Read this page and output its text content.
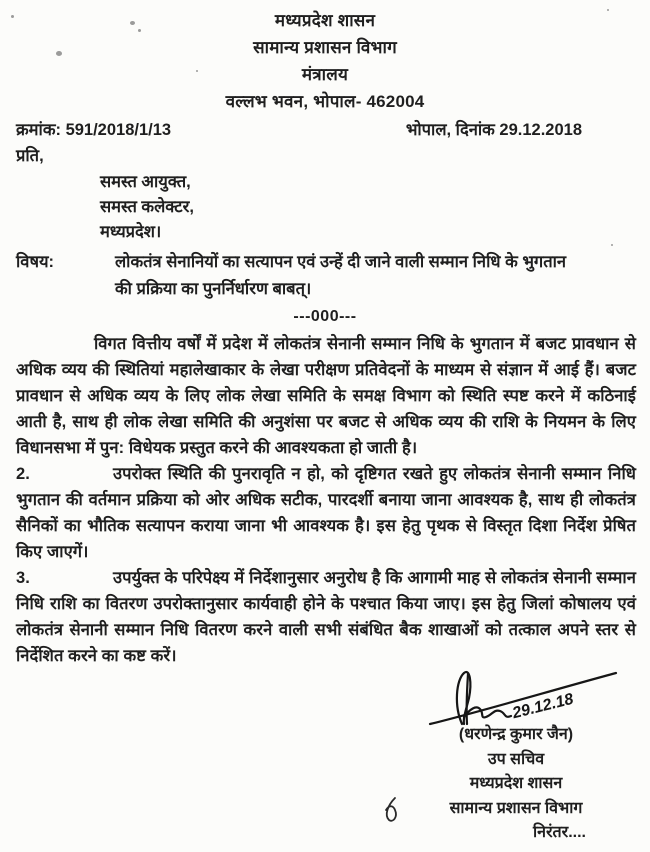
मध्यप्रदेश शासन
सामान्य प्रशासन विभाग
मंत्रालय
वल्लभ भवन, भोपाल- 462004
क्रमांक: 591/2018/1/13	भोपाल, दिनांक 29.12.2018
प्रति,
समस्त आयुक्त,
समस्त कलेक्टर,
मध्यप्रदेश।
विषय:	लोकतंत्र सेनानियों का सत्यापन एवं उन्हें दी जाने वाली सम्मान निधि के भुगतान की प्रक्रिया का पुनर्निर्धारण बाबत्।
---000---
विगत वित्तीय वर्षों में प्रदेश में लोकतंत्र सेनानी सम्मान निधि के भुगतान में बजट प्रावधान से अधिक व्यय की स्थितियां महालेखाकार के लेखा परीक्षण प्रतिवेदनों के माध्यम से संज्ञान में आई हैं। बजट प्रावधान से अधिक व्यय के लिए लोक लेखा समिति के समक्ष विभाग को स्थिति स्पष्ट करने में कठिनाई आती है, साथ ही लोक लेखा समिति की अनुशंसा पर बजट से अधिक व्यय की राशि के नियमन के लिए विधानसभा में पुन: विधेयक प्रस्तुत करने की आवश्यकता हो जाती है।
2.	उपरोक्त स्थिति की पुनरावृति न हो, को दृष्टिगत रखते हुए लोकतंत्र सेनानी सम्मान निधि भुगतान की वर्तमान प्रक्रिया को ओर अधिक सटीक, पारदर्शी बनाया जाना आवश्यक है, साथ ही लोकतंत्र सैनिकों का भौतिक सत्यापन कराया जाना भी आवश्यक है। इस हेतु पृथक से विस्तृत दिशा निर्देश प्रेषित किए जाएगें।
3.	उपर्युक्त के परिपेक्ष्य में निर्देशानुसार अनुरोध है कि आगामी माह से लोकतंत्र सेनानी सम्मान निधि राशि का वितरण उपरोक्तानुसार कार्यवाही होने के पश्चात किया जाए। इस हेतु जिलां कोषालय एवं लोकतंत्र सेनानी सम्मान निधि वितरण करने वाली सभी संबंधित बैक शाखाओं को तत्काल अपने स्तर से निर्देशित करने का कष्ट करें।
29.12.18
(धरणेन्द्र कुमार जैन)
उप सचिव
मध्यप्रदेश शासन
सामान्य प्रशासन विभाग
निरंतर....
